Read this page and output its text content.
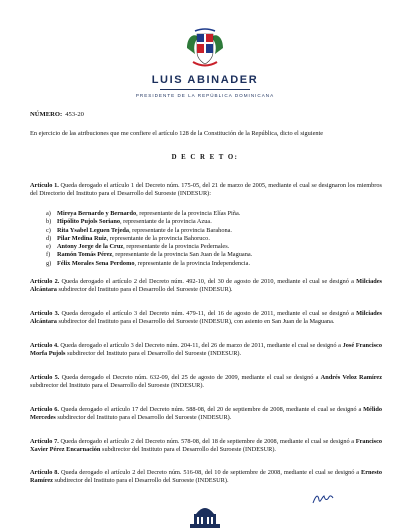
LUIS ABINADER
PRESIDENTE DE LA REPÚBLICA DOMINICANA
NÚMERO: 453-20
En ejercicio de las atribuciones que me confiere el artículo 128 de la Constitución de la República, dicto el siguiente
D E C R E T O:
Artículo 1. Queda derogado el artículo 1 del Decreto núm. 175-05, del 21 de marzo de 2005, mediante el cual se designaron los miembros del Directorio del Instituto para el Desarrollo del Suroeste (INDESUR):
a) Mireya Bernardo y Bernardo, representante de la provincia Elías Piña.
b) Hipólito Pujols Soriano, representante de la provincia Azua.
c) Rita Ysabel Leguen Tejeda, representante de la provincia Barahona.
d) Pilar Medina Ruiz, representante de la provincia Bahoruco.
e) Antony Jorge de la Cruz, representante de la provincia Pedernales.
f) Ramón Tomás Pérez, representante de la provincia San Juan de la Maguana.
g) Félix Morales Sena Perdomo, representante de la provincia Independencia.
Artículo 2. Queda derogado el artículo 2 del Decreto núm. 492-10, del 30 de agosto de 2010, mediante el cual se designó a Milciades Alcántara subdirector del Instituto para el Desarrollo del Suroeste (INDESUR).
Artículo 3. Queda derogado el artículo 3 del Decreto núm. 479-11, del 16 de agosto de 2011, mediante el cual se designó a Milciades Alcántara subdirector del Instituto para el Desarrollo del Suroeste (INDESUR), con asiento en San Juan de la Maguana.
Artículo 4. Queda derogado el artículo 3 del Decreto núm. 204-11, del 26 de marzo de 2011, mediante el cual se designó a José Francisco Morfa Pujols subdirector del Instituto para el Desarrollo del Suroeste (INDESUR).
Artículo 5. Queda derogado el Decreto núm. 632-09, del 25 de agosto de 2009, mediante el cual se designó a Andrés Veloz Ramírez subdirector del Instituto para el Desarrollo del Suroeste (INDESUR).
Artículo 6. Queda derogado el artículo 17 del Decreto núm. 588-08, del 20 de septiembre de 2008, mediante el cual se designó a Mélido Mercedes subdirector del Instituto para el Desarrollo del Suroeste (INDESUR).
Artículo 7. Queda derogado el artículo 2 del Decreto núm. 578-08, del 18 de septiembre de 2008, mediante el cual se designó a Francisco Xavier Pérez Encarnación subdirector del Instituto para el Desarrollo del Suroeste (INDESUR).
Artículo 8. Queda derogado el artículo 2 del Decreto núm. 516-08, del 10 de septiembre de 2008, mediante el cual se designó a Ernesto Ramírez subdirector del Instituto para el Desarrollo del Suroeste (INDESUR).
